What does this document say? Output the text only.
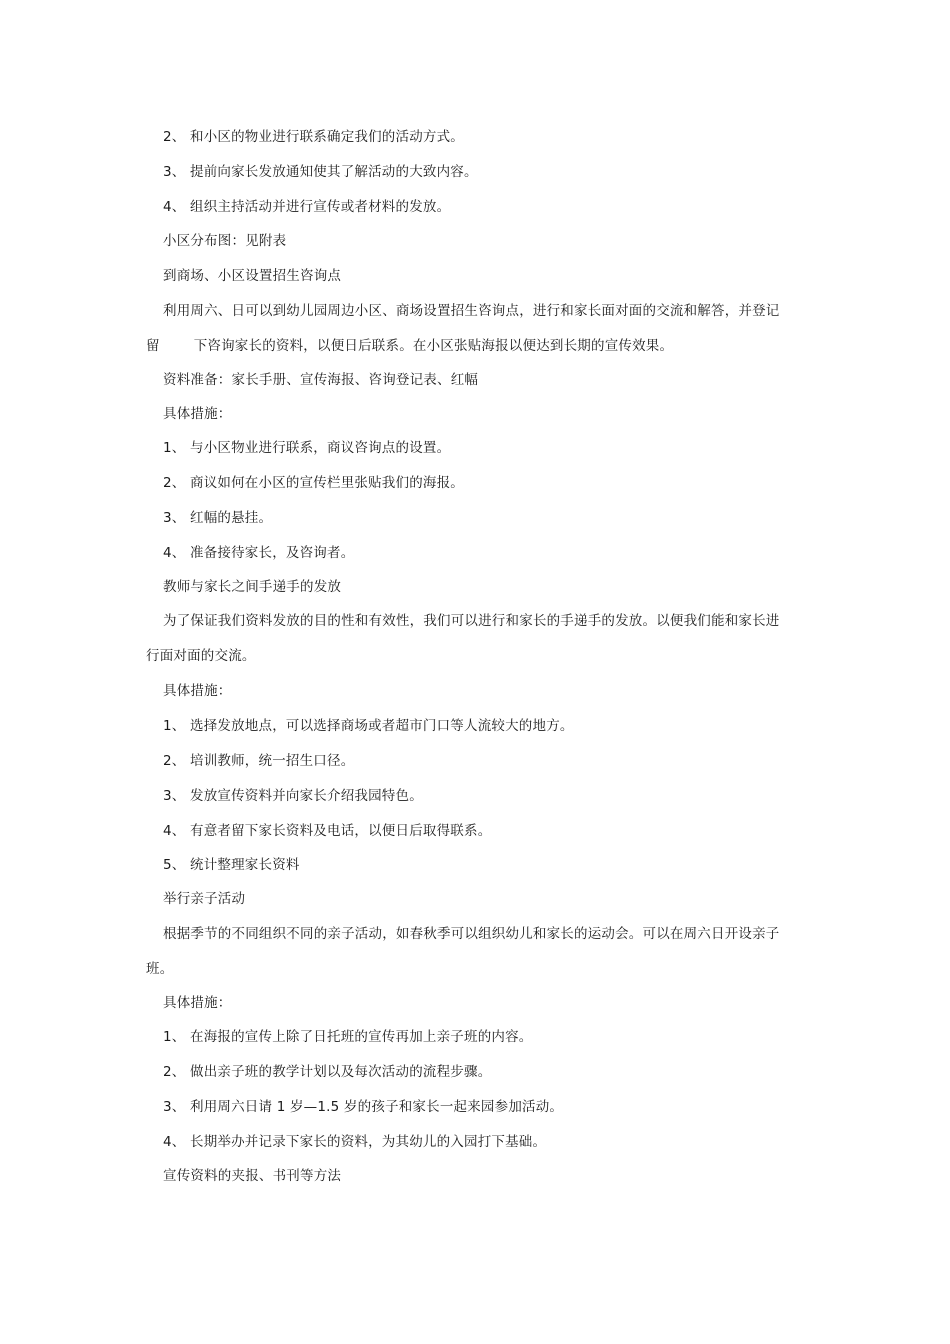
2、 和小区的物业进行联系确定我们的活动方式。
3、 提前向家长发放通知使其了解活动的大致内容。
4、 组织主持活动并进行宣传或者材料的发放。
小区分布图：见附表
到商场、小区设置招生咨询点
利用周六、日可以到幼儿园周边小区、商场设置招生咨询点，进行和家长面对面的交流和解答，并登记
留	下咨询家长的资料，以便日后联系。在小区张贴海报以便达到长期的宣传效果。
资料准备：家长手册、宣传海报、咨询登记表、红幅
具体措施：
1、 与小区物业进行联系，商议咨询点的设置。
2、 商议如何在小区的宣传栏里张贴我们的海报。
3、 红幅的悬挂。
4、 准备接待家长，及咨询者。
教师与家长之间手递手的发放
为了保证我们资料发放的目的性和有效性，我们可以进行和家长的手递手的发放。以便我们能和家长进
行面对面的交流。
具体措施：
1、 选择发放地点，可以选择商场或者超市门口等人流较大的地方。
2、 培训教师，统一招生口径。
3、 发放宣传资料并向家长介绍我园特色。
4、 有意者留下家长资料及电话，以便日后取得联系。
5、 统计整理家长资料
举行亲子活动
根据季节的不同组织不同的亲子活动，如春秋季可以组织幼儿和家长的运动会。可以在周六日开设亲子
班。
具体措施：
1、 在海报的宣传上除了日托班的宣传再加上亲子班的内容。
2、 做出亲子班的教学计划以及每次活动的流程步骤。
3、 利用周六日请 1 岁—1.5 岁的孩子和家长一起来园参加活动。
4、 长期举办并记录下家长的资料，为其幼儿的入园打下基础。
宣传资料的夹报、书刊等方法
